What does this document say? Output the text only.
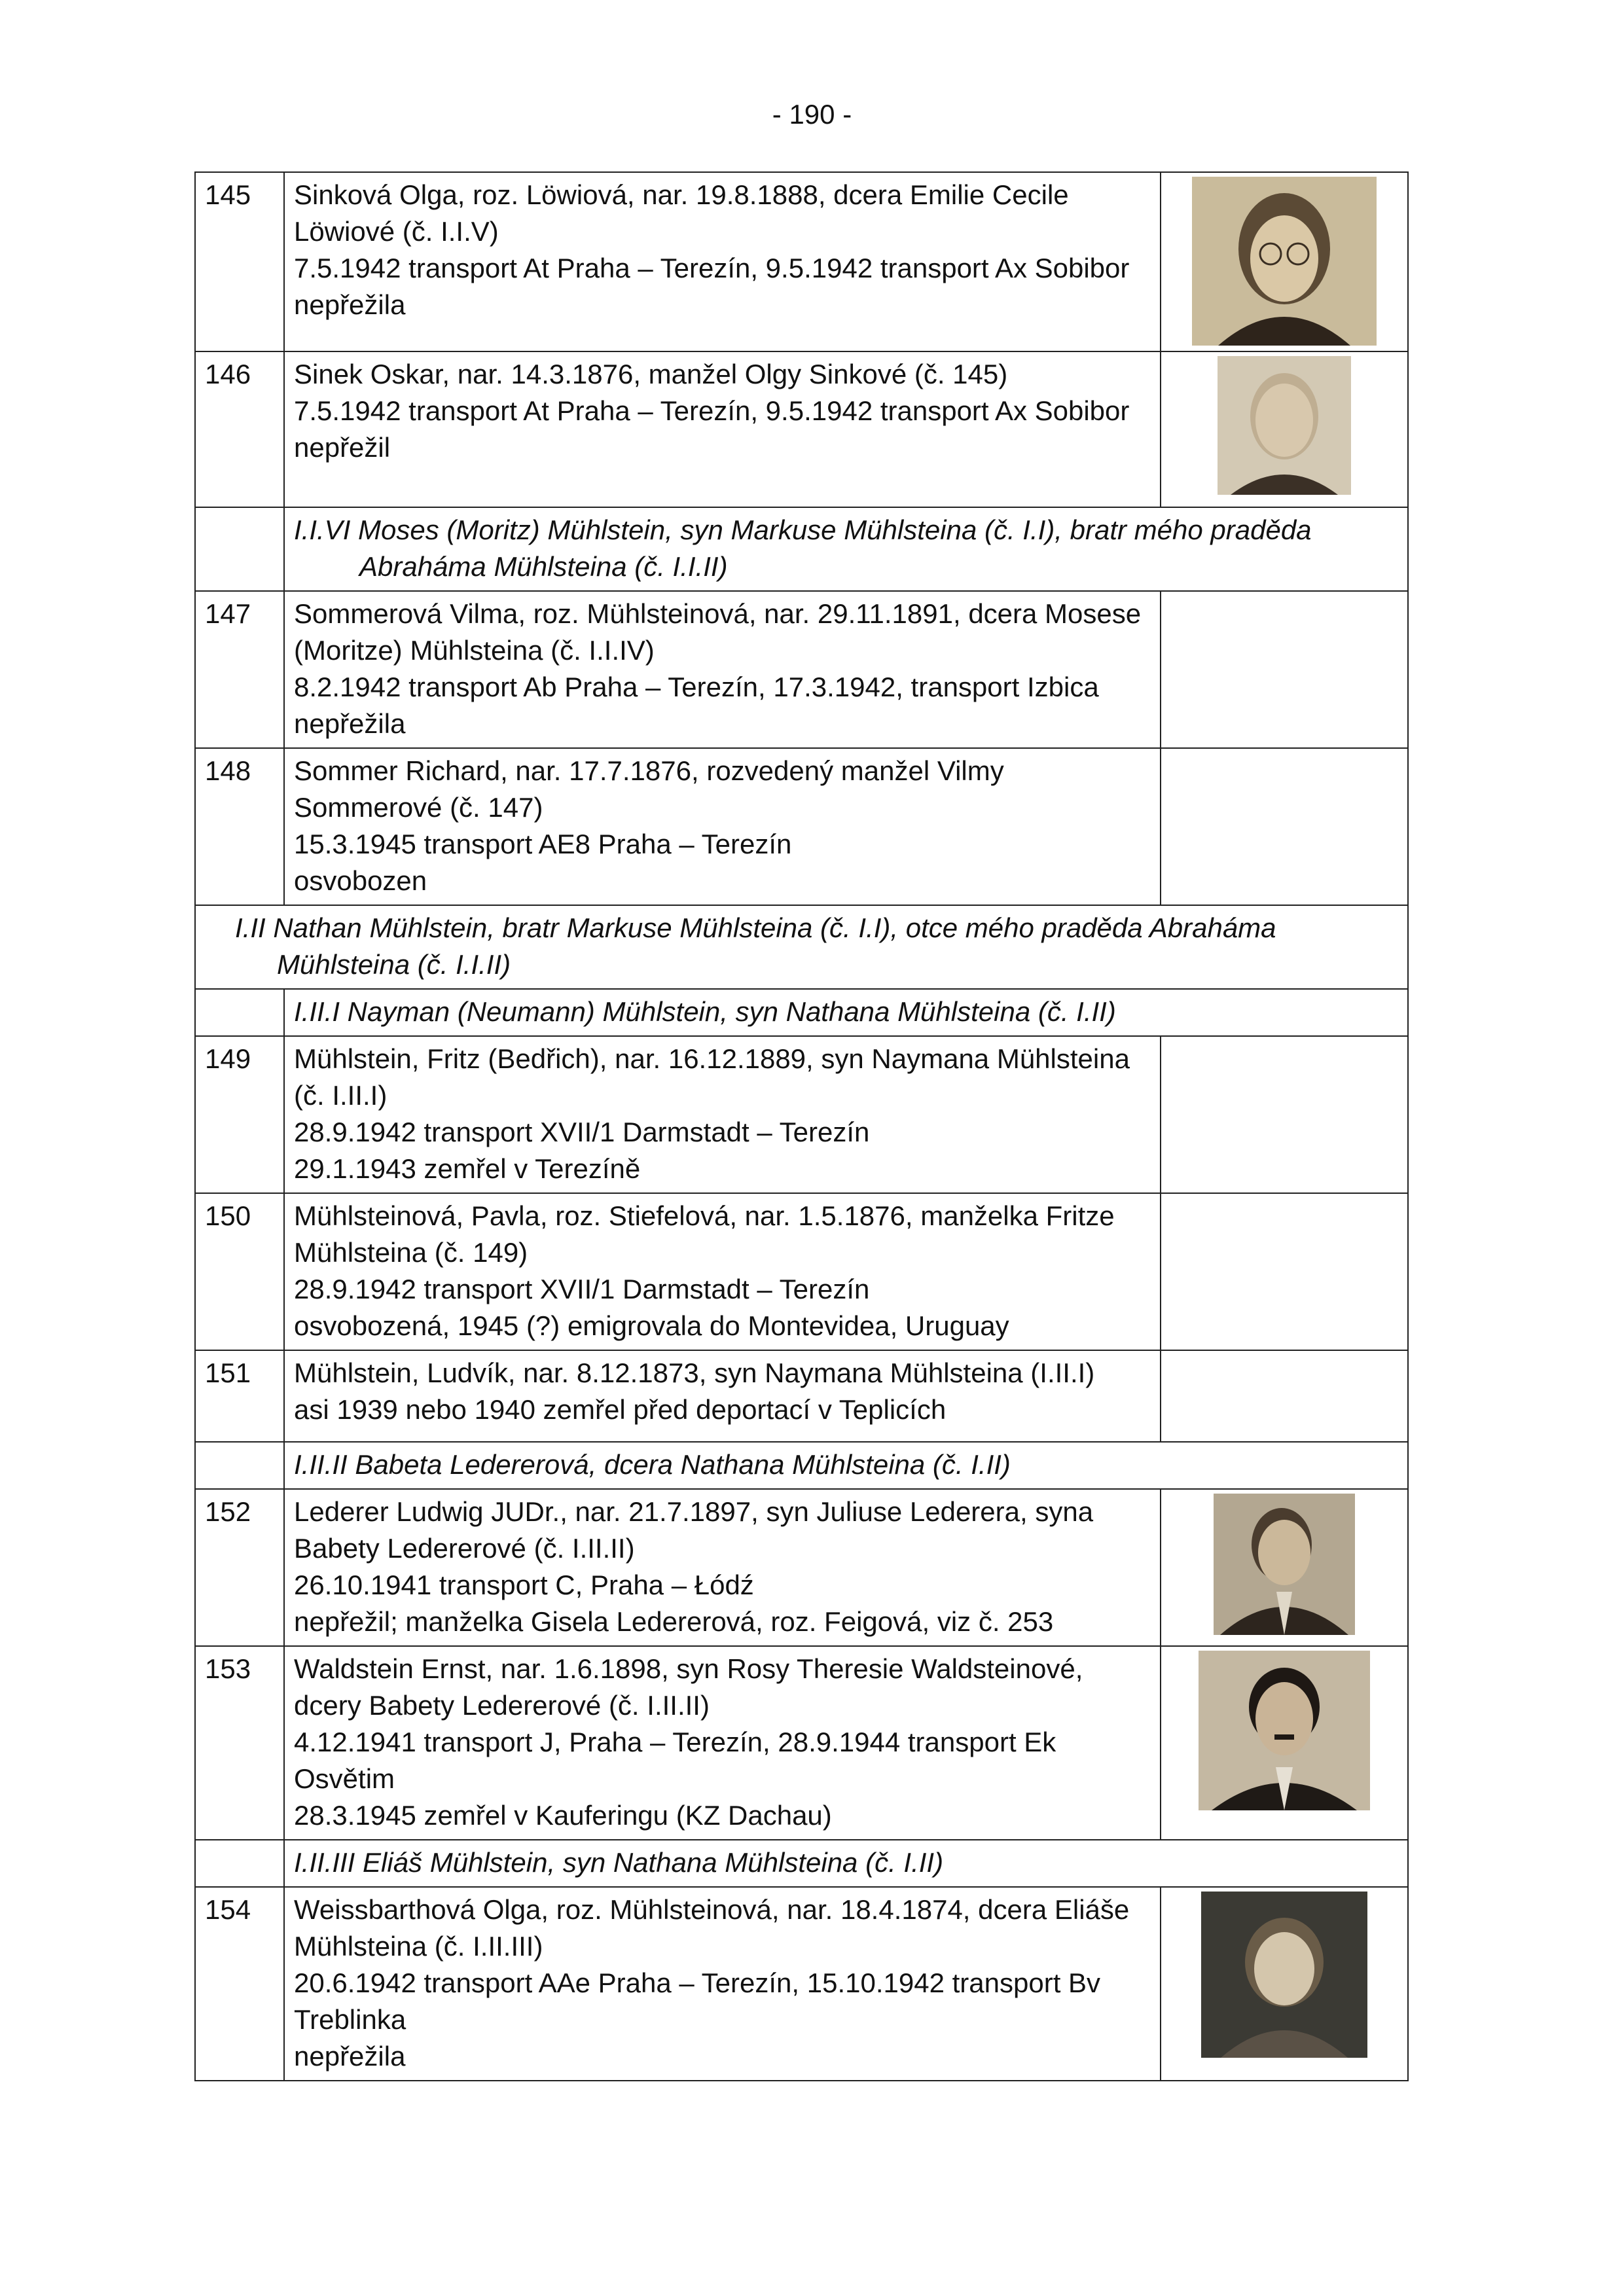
- 190 -
145	Sinková Olga, roz. Löwiová, nar. 19.8.1888, dcera Emilie Cecile
Löwiové (č. I.I.V)
7.5.1942 transport At Praha – Terezín, 9.5.1942 transport Ax Sobibor
nepřežila

146	Sinek Oskar, nar. 14.3.1876, manžel Olgy Sinkové (č. 145)
7.5.1942 transport At Praha – Terezín, 9.5.1942 transport Ax Sobibor
nepřežil

	I.I.VI Moses (Moritz) Mühlstein, syn Markuse Mühlsteina (č. I.I), bratr mého praděda
Abraháma Mühlsteina (č. I.I.II)	

147	Sommerová Vilma, roz. Mühlsteinová, nar. 29.11.1891, dcera Mosese
(Moritze) Mühlsteina (č. I.I.IV)
8.2.1942 transport Ab Praha – Terezín, 17.3.1942, transport Izbica
nepřežila	

148	Sommer Richard, nar. 17.7.1876, rozvedený manžel Vilmy
Sommerové (č. 147)
15.3.1945 transport AE8 Praha – Terezín
osvobozen	

I.II Nathan Mühlstein, bratr Markuse Mühlsteina (č. I.I), otce mého praděda Abraháma
Mühlsteina (č. I.I.II)		

	I.II.I Nayman (Neumann) Mühlstein, syn Nathana Mühlsteina (č. I.II)	

149	Mühlstein, Fritz (Bedřich), nar. 16.12.1889, syn Naymana Mühlsteina
(č. I.II.I)
28.9.1942 transport XVII/1 Darmstadt – Terezín
29.1.1943 zemřel v Terezíně	

150	Mühlsteinová, Pavla, roz. Stiefelová, nar. 1.5.1876, manželka Fritze
Mühlsteina (č. 149)
28.9.1942 transport XVII/1 Darmstadt – Terezín
osvobozená, 1945 (?) emigrovala do Montevidea, Uruguay	

151	Mühlstein, Ludvík, nar. 8.12.1873, syn Naymana Mühlsteina (I.II.I)
asi 1939 nebo 1940 zemřel před deportací v Teplicích	

	I.II.II Babeta Ledererová, dcera Nathana Mühlsteina (č. I.II)	

152	Lederer Ludwig JUDr., nar. 21.7.1897, syn Juliuse Lederera, syna
Babety Ledererové (č. I.II.II)
26.10.1941 transport C, Praha – Łódź
nepřežil; manželka Gisela Ledererová, roz. Feigová, viz č. 253

153	Waldstein Ernst, nar. 1.6.1898, syn Rosy Theresie Waldsteinové,
dcery Babety Ledererové (č. I.II.II)
4.12.1941 transport J, Praha – Terezín, 28.9.1944 transport Ek
Osvětim
28.3.1945 zemřel v Kauferingu (KZ Dachau)

	I.II.III Eliáš Mühlstein, syn Nathana Mühlsteina (č. I.II)	

154	Weissbarthová Olga, roz. Mühlsteinová, nar. 18.4.1874, dcera Eliáše
Mühlsteina (č. I.II.III)
20.6.1942 transport AAe Praha – Terezín, 15.10.1942 transport Bv
Treblinka
nepřežila
